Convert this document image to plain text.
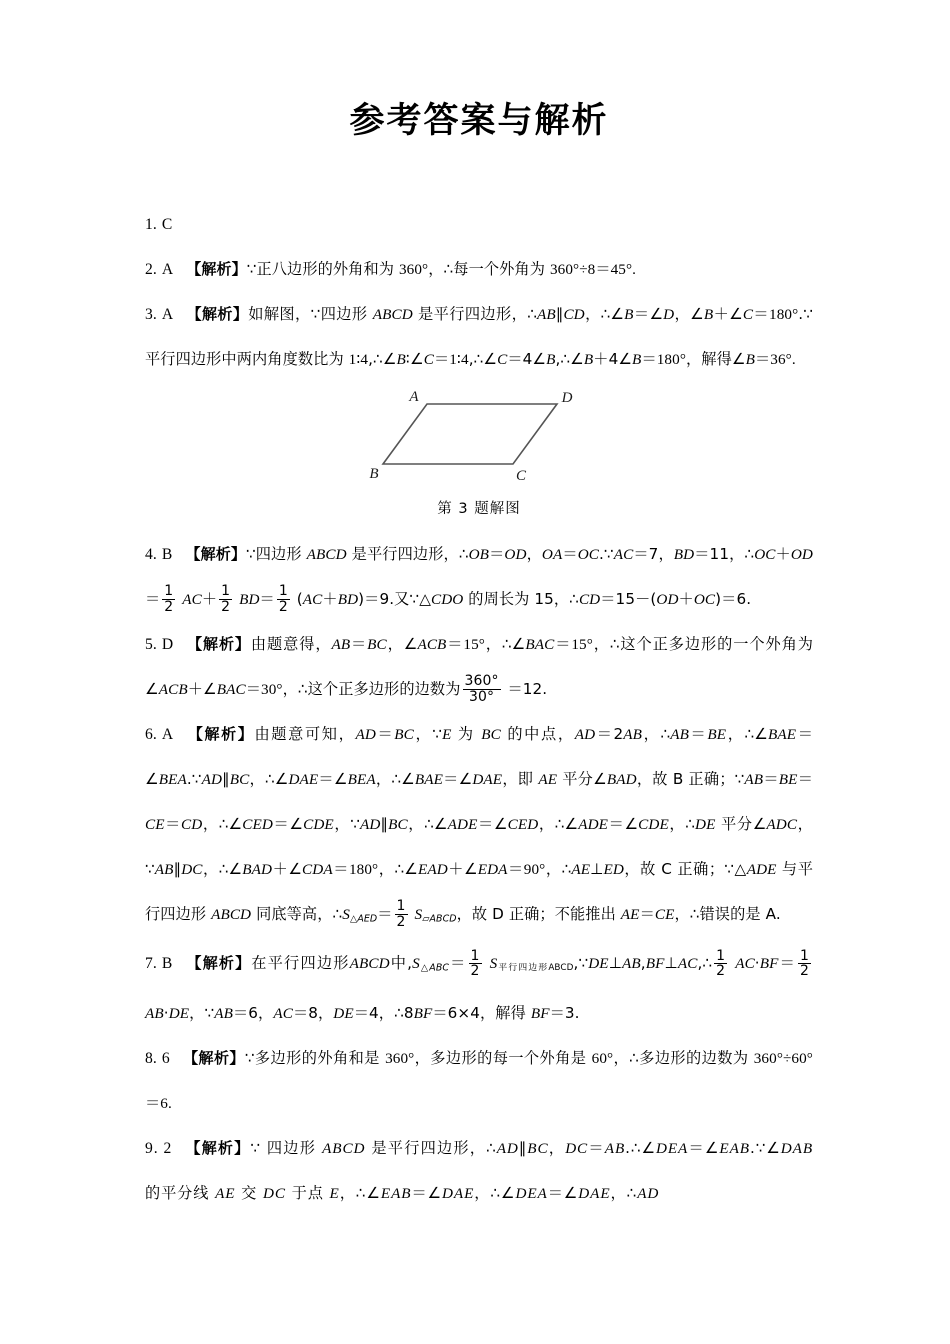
参考答案与解析
1. C
2. A 【解析】∵正八边形的外角和为 360°，∴每一个外角为 360°÷8＝45°.
3. A 【解析】如解图，∵四边形 ABCD 是平行四边形，∴AB∥CD，∴∠B＝∠D，∠B＋∠C＝180°.∵平行四边形中两内角度数比为 1∶4,∴∠B∶∠C＝1∶4,∴∠C＝4∠B,∴∠B＋4∠B＝180°，解得∠B＝36°.
A	D
C
B
第 3 题解图
4. B 【解析】∵四边形 ABCD 是平行四边形，∴OB＝OD，OA＝OC.∵AC＝7，BD＝11，∴OC＋OD＝ $\frac{1}{2} AC+ \frac{1}{2} BD= \frac{1}{2} (AC+BD)=9$.又∵△CDO 的周长为 15，∴CD＝15－(OD＋OC)＝6.
5. D 【解析】由题意得，AB＝BC，∠ACB＝15°，∴∠BAC＝15°，∴这个正多边形的一个外角为∠ACB＋∠BAC＝30°，∴这个正多边形的边数为 $\frac{360^\circ}{30^\circ} =12$.
6. A 【解析】由题意可知，AD＝BC，∵E 为 BC 的中点，AD＝2AB，∴AB＝BE，∴∠BAE＝∠BEA.∵AD∥BC，∴∠DAE＝∠BEA，∴∠BAE＝∠DAE，即 AE 平分∠BAD，故 B 正确；∵AB＝BE＝CE＝CD，∴∠CED＝∠CDE，∵AD∥BC，∴∠ADE＝∠CED，∴∠ADE＝∠CDE，∴DE 平分∠ADC，∵AB∥DC，∴∠BAD＋∠CDA＝180°，∴∠EAD＋∠EDA＝90°，∴AE⊥ED，故 C 正确；∵△ADE 与平行四边形 ABCD 同底等高，$\therefore S_{\triangle AED}= \frac{1}{2} S_{▱ABCD}$，故 D 正确；不能推出 AE＝CE，∴错误的是 A.
7. B 【解析】在平行四边形ABCD中$,S_{\triangle ABC}= \frac{1}{2}$ $S_{平行四边形ABCD},\because DE\perp AB,BF\perp AC,\therefore \frac{1}{2} AC\cdot BF= \frac{1}{2}$
AB·DE，∵AB＝6，AC＝8，DE＝4，∴8BF＝6×4，解得 BF＝3.
8. 6 【解析】∵多边形的外角和是 360°，多边形的每一个外角是 60°，∴多边形的边数为 360°÷60°＝6.
9. 2 【解析】∵ 四边形 ABCD 是平行四边形，∴AD∥BC，DC＝AB.∴∠DEA＝∠EAB.∵∠DAB 的平分线 AE 交 DC 于点 E，∴∠EAB＝∠DAE，∴∠DEA＝∠DAE，∴AD
